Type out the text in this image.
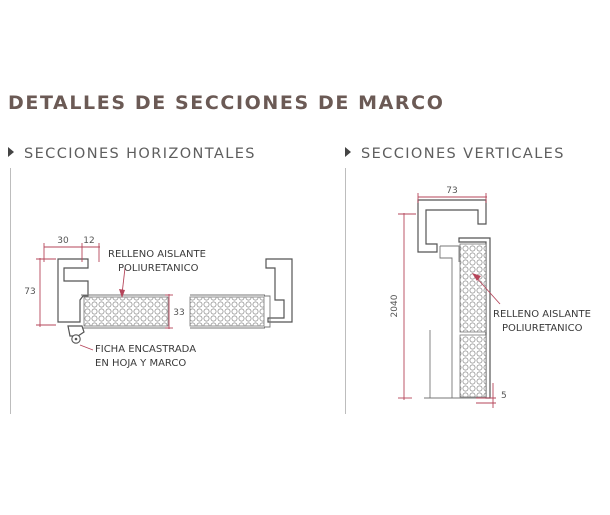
DETALLES DE SECCIONES DE MARCO
SECCIONES HORIZONTALES	SECCIONES VERTICALES
30 12
73
33
RELLENO AISLANTE
POLIURETANICO
FICHA ENCASTRADA
EN HOJA Y MARCO
73
2040
5
RELLENO AISLANTE
POLIURETANICO
